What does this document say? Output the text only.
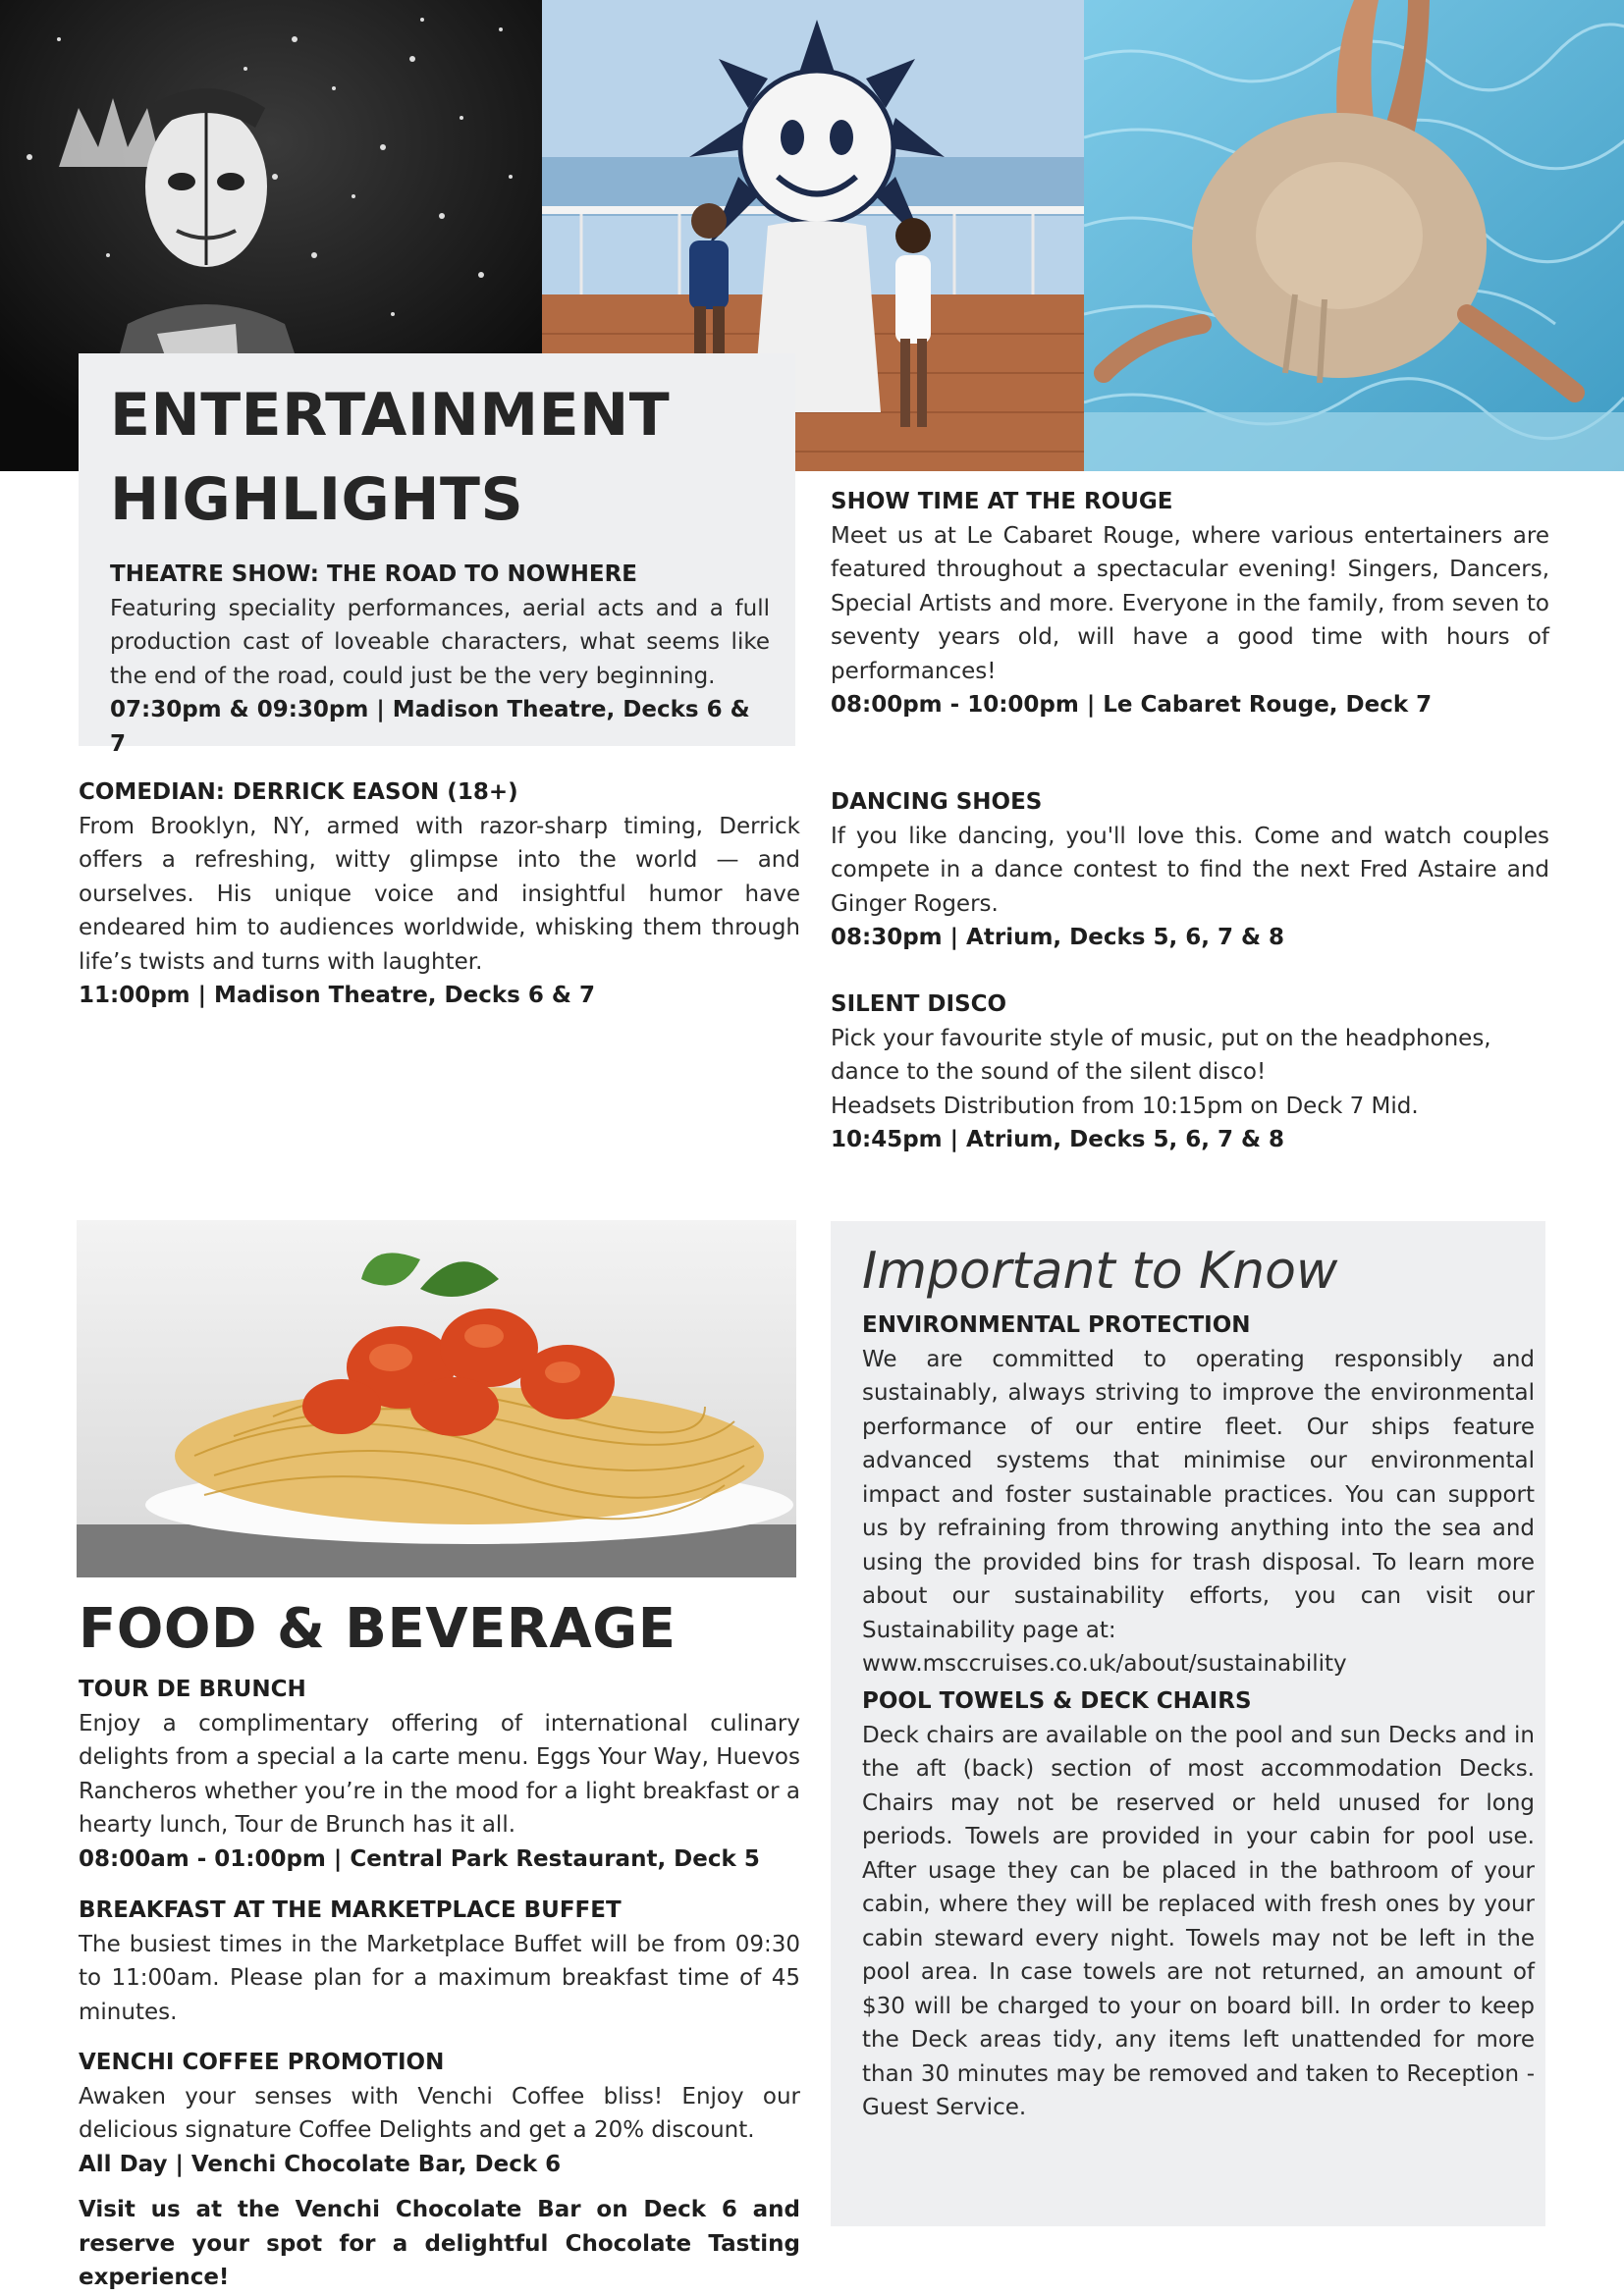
ENTERTAINMENT

HIGHLIGHTS

THEATRE SHOW: THE ROAD TO NOWHERE

Featuring speciality performances, aerial acts and a full production cast of loveable characters, what seems like the end of the road, could just be the very beginning.

07:30pm & 09:30pm | Madison Theatre, Decks 6 & 7

SHOW TIME AT THE ROUGE

Meet us at Le Cabaret Rouge, where various entertainers are featured throughout a spectacular evening! Singers, Dancers, Special Artists and more. Everyone in the family, from seven to seventy years old, will have a good time with hours of performances!

08:00pm - 10:00pm | Le Cabaret Rouge, Deck 7

COMEDIAN: DERRICK EASON (18+)

From Brooklyn, NY, armed with razor-sharp timing, Derrick offers a refreshing, witty glimpse into the world — and ourselves. His unique voice and insightful humor have endeared him to audiences worldwide, whisking them through life’s twists and turns with laughter.

11:00pm | Madison Theatre, Decks 6 & 7

DANCING SHOES

If you like dancing, you'll love this. Come and watch couples compete in a dance contest to find the next Fred Astaire and Ginger Rogers.

08:30pm | Atrium, Decks 5, 6, 7 & 8

SILENT DISCO

Pick your favourite style of music, put on the headphones, dance to the sound of the silent disco!

Headsets Distribution from 10:15pm on Deck 7 Mid.

10:45pm | Atrium, Decks 5, 6, 7 & 8

FOOD & BEVERAGE

TOUR DE BRUNCH

Enjoy a complimentary offering of international culinary delights from a special a la carte menu. Eggs Your Way, Huevos Rancheros whether you’re in the mood for a light breakfast or a hearty lunch, Tour de Brunch has it all.

08:00am - 01:00pm | Central Park Restaurant, Deck 5

BREAKFAST AT THE MARKETPLACE BUFFET

The busiest times in the Marketplace Buffet will be from 09:30 to 11:00am. Please plan for a maximum breakfast time of 45 minutes.

VENCHI COFFEE PROMOTION

Awaken your senses with Venchi Coffee bliss! Enjoy our delicious signature Coffee Delights and get a 20% discount.

All Day | Venchi Chocolate Bar, Deck 6

Visit us at the Venchi Chocolate Bar on Deck 6 and reserve your spot for a delightful Chocolate Tasting experience!

Important to Know

ENVIRONMENTAL PROTECTION

We are committed to operating responsibly and sustainably, always striving to improve the environmental performance of our entire fleet. Our ships feature advanced systems that minimise our environmental impact and foster sustainable practices. You can support us by refraining from throwing anything into the sea and using the provided bins for trash disposal. To learn more about our sustainability efforts, you can visit our Sustainability page at:

www.msccruises.co.uk/about/sustainability

POOL TOWELS & DECK CHAIRS

Deck chairs are available on the pool and sun Decks and in the aft (back) section of most accommodation Decks. Chairs may not be reserved or held unused for long periods. Towels are provided in your cabin for pool use. After usage they can be placed in the bathroom of your cabin, where they will be replaced with fresh ones by your cabin steward every night. Towels may not be left in the pool area. In case towels are not returned, an amount of $30 will be charged to your on board bill. In order to keep the Deck areas tidy, any items left unattended for more than 30 minutes may be removed and taken to Reception - Guest Service.
